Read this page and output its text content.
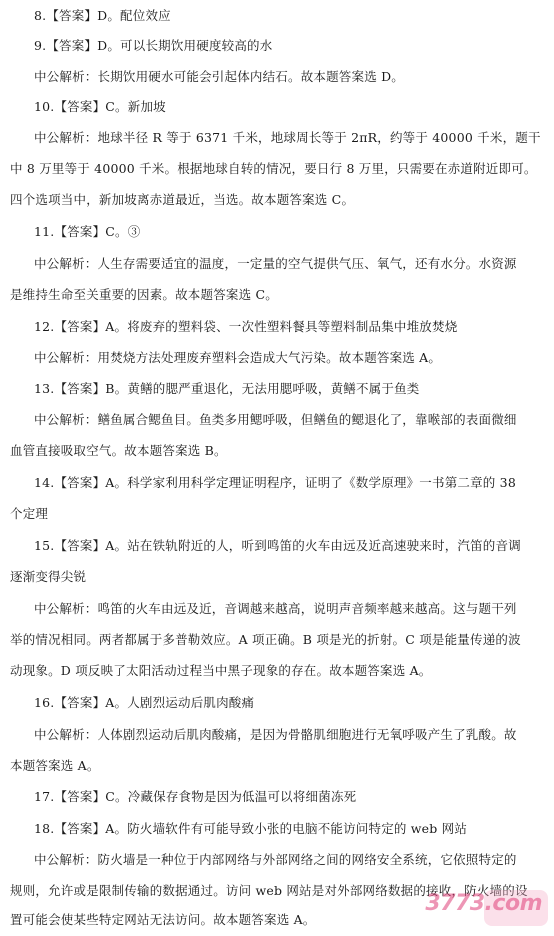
8.【答案】D。配位效应
9.【答案】D。可以长期饮用硬度较高的水
中公解析：长期饮用硬水可能会引起体内结石。故本题答案选 D。
10.【答案】C。新加坡
中公解析：地球半径 R 等于 6371 千米，地球周长等于 2πR，约等于 40000 千米，题干
中 8 万里等于 40000 千米。根据地球自转的情况，要日行 8 万里，只需要在赤道附近即可。
四个选项当中，新加坡离赤道最近，当选。故本题答案选 C。
11.【答案】C。③
中公解析：人生存需要适宜的温度，一定量的空气提供气压、氧气，还有水分。水资源
是维持生命至关重要的因素。故本题答案选 C。
12.【答案】A。将废弃的塑料袋、一次性塑料餐具等塑料制品集中堆放焚烧
中公解析：用焚烧方法处理废弃塑料会造成大气污染。故本题答案选 A。
13.【答案】B。黄鳝的腮严重退化，无法用腮呼吸，黄鳝不属于鱼类
中公解析：鳝鱼属合鳃鱼目。鱼类多用鳃呼吸，但鳝鱼的鳃退化了，靠喉部的表面微细
血管直接吸取空气。故本题答案选 B。
14.【答案】A。科学家利用科学定理证明程序，证明了《数学原理》一书第二章的 38
个定理
15.【答案】A。站在铁轨附近的人，听到鸣笛的火车由远及近高速驶来时，汽笛的音调
逐渐变得尖锐
中公解析：鸣笛的火车由远及近，音调越来越高，说明声音频率越来越高。这与题干列
举的情况相同。两者都属于多普勒效应。A 项正确。B 项是光的折射。C 项是能量传递的波
动现象。D 项反映了太阳活动过程当中黑子现象的存在。故本题答案选 A。
16.【答案】A。人剧烈运动后肌肉酸痛
中公解析：人体剧烈运动后肌肉酸痛，是因为骨骼肌细胞进行无氧呼吸产生了乳酸。故
本题答案选 A。
17.【答案】C。冷藏保存食物是因为低温可以将细菌冻死
18.【答案】A。防火墙软件有可能导致小张的电脑不能访问特定的 web 网站
中公解析：防火墙是一种位于内部网络与外部网络之间的网络安全系统，它依照特定的
规则，允许或是限制传输的数据通过。访问 web 网站是对外部网络数据的接收，防火墙的设
置可能会使某些特定网站无法访问。故本题答案选 A。
3773.com
